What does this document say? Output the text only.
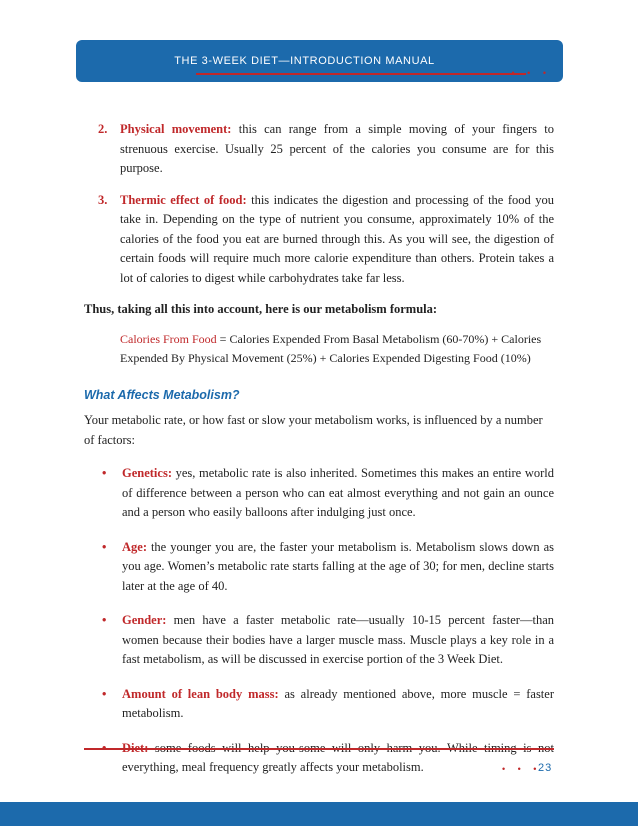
THE 3-WEEK DIET—INTRODUCTION MANUAL
• • •
2.	Physical movement: this can range from a simple moving of your fingers to strenuous exercise. Usually 25 percent of the calories you consume are for this purpose.
3.	Thermic effect of food: this indicates the digestion and processing of the food you take in. Depending on the type of nutrient you consume, approximately 10% of the calories of the food you eat are burned through this. As you will see, the digestion of certain foods will require much more calorie expenditure than others. Protein takes a lot of calories to digest while carbohydrates take far less.
Thus, taking all this into account, here is our metabolism formula:
Calories From Food = Calories Expended From Basal Metabolism (60-70%) + Calories Expended By Physical Movement (25%) + Calories Expended Digesting Food (10%)
What Affects Metabolism?
Your metabolic rate, or how fast or slow your metabolism works, is influenced by a number of factors:
•	Genetics: yes, metabolic rate is also inherited. Sometimes this makes an entire world of difference between a person who can eat almost everything and not gain an ounce and a person who easily balloons after indulging just once.
•	Age: the younger you are, the faster your metabolism is. Metabolism slows down as you age. Women’s metabolic rate starts falling at the age of 30; for men, decline starts later at the age of 40.
•	Gender: men have a faster metabolic rate—usually 10-15 percent faster—than women because their bodies have a larger muscle mass. Muscle plays a key role in a fast metabolism, as will be discussed in exercise portion of the 3 Week Diet.
•	Amount of lean body mass: as already mentioned above, more muscle = faster metabolism.
everything, meal frequency greatly affects your metabolism.	• • •
23
